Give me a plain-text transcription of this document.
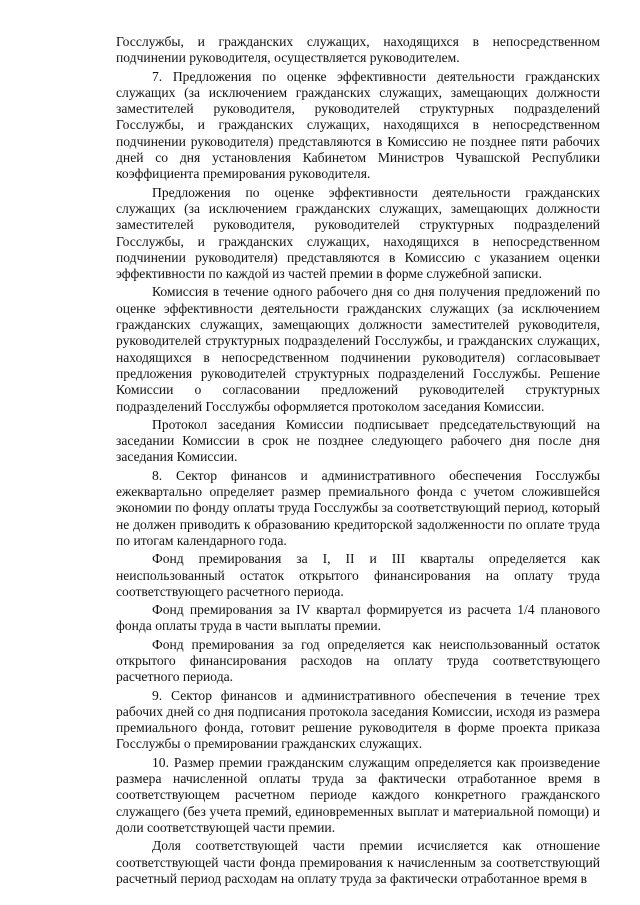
Госслужбы, и гражданских служащих, находящихся в непосредственном подчинении руководителя, осуществляется руководителем.

7. Предложения по оценке эффективности деятельности гражданских служащих (за исключением гражданских служащих, замещающих должности заместителей руководителя, руководителей структурных подразделений Госслужбы, и гражданских служащих, находящихся в непосредственном подчинении руководителя) представляются в Комиссию не позднее пяти рабочих дней со дня установления Кабинетом Министров Чувашской Республики коэффициента премирования руководителя.

Предложения по оценке эффективности деятельности гражданских служащих (за исключением гражданских служащих, замещающих должности заместителей руководителя, руководителей структурных подразделений Госслужбы, и гражданских служащих, находящихся в непосредственном подчинении руководителя) представляются в Комиссию с указанием оценки эффективности по каждой из частей премии в форме служебной записки.

Комиссия в течение одного рабочего дня со дня получения предложений по оценке эффективности деятельности гражданских служащих (за исключением гражданских служащих, замещающих должности заместителей руководителя, руководителей структурных подразделений Госслужбы, и гражданских служащих, находящихся в непосредственном подчинении руководителя) согласовывает предложения руководителей структурных подразделений Госслужбы. Решение Комиссии о согласовании предложений руководителей структурных подразделений Госслужбы оформляется протоколом заседания Комиссии.

Протокол заседания Комиссии подписывает председательствующий на заседании Комиссии в срок не позднее следующего рабочего дня после дня заседания Комиссии.

8. Сектор финансов и административного обеспечения Госслужбы ежеквартально определяет размер премиального фонда с учетом сложившейся экономии по фонду оплаты труда Госслужбы за соответствующий период, который не должен приводить к образованию кредиторской задолженности по оплате труда по итогам календарного года.

Фонд премирования за I, II и III кварталы определяется как неиспользованный остаток открытого финансирования на оплату труда соответствующего расчетного периода.

Фонд премирования за IV квартал формируется из расчета 1/4 планового фонда оплаты труда в части выплаты премии.

Фонд премирования за год определяется как неиспользованный остаток открытого финансирования расходов на оплату труда соответствующего расчетного периода.

9. Сектор финансов и административного обеспечения в течение трех рабочих дней со дня подписания протокола заседания Комиссии, исходя из размера премиального фонда, готовит решение руководителя в форме проекта приказа Госслужбы о премировании гражданских служащих.

10. Размер премии гражданским служащим определяется как произведение размера начисленной оплаты труда за фактически отработанное время в соответствующем расчетном периоде каждого конкретного гражданского служащего (без учета премий, единовременных выплат и материальной помощи) и доли соответствующей части премии.

Доля соответствующей части премии исчисляется как отношение соответствующей части фонда премирования к начисленным за соответствующий расчетный период расходам на оплату труда за фактически отработанное время в
